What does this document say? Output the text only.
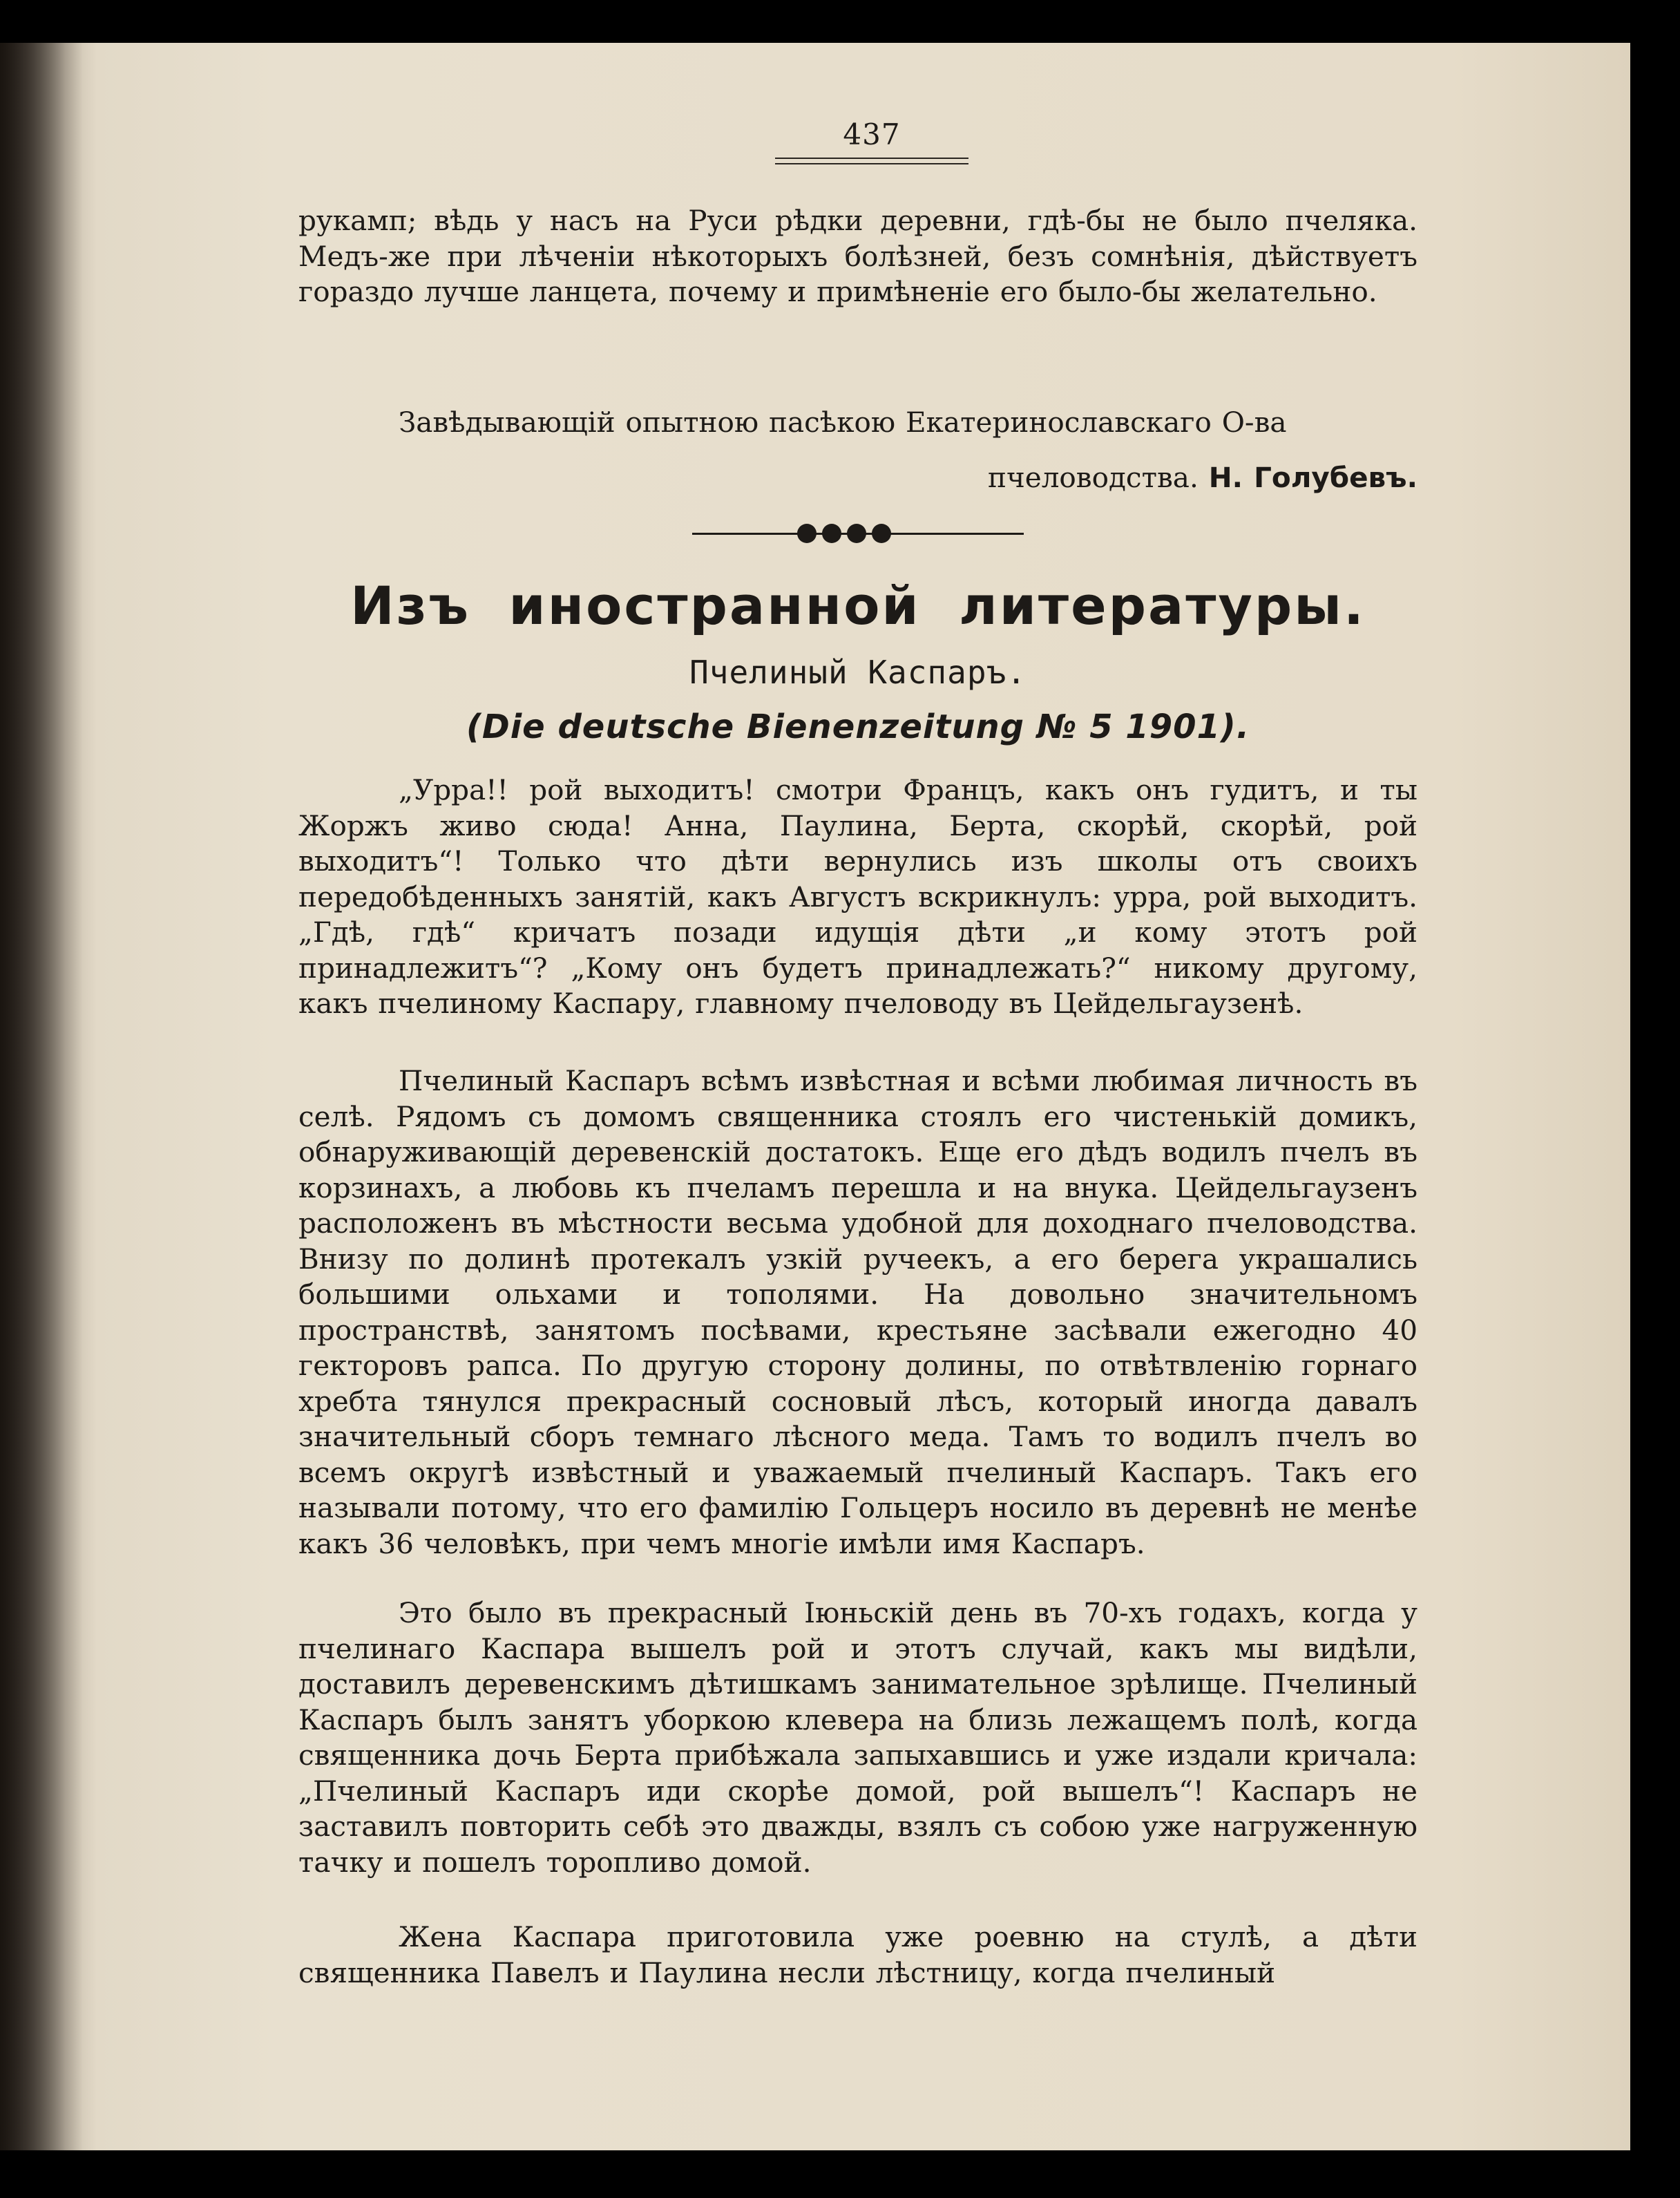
437
рукамп; вѣдь у насъ на Руси рѣдки деревни, гдѣ-бы не было пчеляка. Медъ-же при лѣченіи нѣкоторыхъ болѣзней, безъ сомнѣнія, дѣйствуетъ гораздо лучше ланцета, почему и примѣненіе его было-бы желательно.
Завѣдывающій опытною пасѣкою Екатеринославскаго О-ва
пчеловодства. Н. Голубевъ.
Изъ иностранной литературы.
Пчелиный Каспаръ.
(Die deutsche Bienenzeitung № 5 1901).
„Урра!! рой выходитъ! смотри Францъ, какъ онъ гудитъ, и ты Жоржъ живо сюда! Анна, Паулина, Берта, скорѣй, скорѣй, рой выходитъ“! Только что дѣти вернулись изъ школы отъ своихъ передобѣденныхъ занятій, какъ Августъ вскрикнулъ: урра, рой выходитъ. „Гдѣ, гдѣ“ кричатъ позади идущія дѣти „и кому этотъ рой принадлежитъ“? „Кому онъ будетъ принадлежать?“ никому другому, какъ пчелиному Каспару, главному пчеловоду въ Цейдельгаузенѣ.
Пчелиный Каспаръ всѣмъ извѣстная и всѣми любимая личность въ селѣ. Рядомъ съ домомъ священника стоялъ его чистенькій домикъ, обнаруживающій деревенскій достатокъ. Еще его дѣдъ водилъ пчелъ въ корзинахъ, а любовь къ пчеламъ перешла и на внука. Цейдельгаузенъ расположенъ въ мѣстности весьма удобной для доходнаго пчеловодства. Внизу по долинѣ протекалъ узкій ручеекъ, а его берега украшались большими ольхами и тополями. На довольно значительномъ пространствѣ, занятомъ посѣвами, крестьяне засѣвали ежегодно 40 гекторовъ рапса. По другую сторону долины, по отвѣтвленію горнаго хребта тянулся прекрасный сосновый лѣсъ, который иногда давалъ значительный сборъ темнаго лѣсного меда. Тамъ то водилъ пчелъ во всемъ округѣ извѣстный и уважаемый пчелиный Каспаръ. Такъ его называли потому, что его фамилію Гольцеръ носило въ деревнѣ не менѣе какъ 36 человѣкъ, при чемъ многіе имѣли имя Каспаръ.
Это было въ прекрасный Іюньскій день въ 70-хъ годахъ, когда у пчелинаго Каспара вышелъ рой и этотъ случай, какъ мы видѣли, доставилъ деревенскимъ дѣтишкамъ занимательное зрѣлище. Пчелиный Каспаръ былъ занятъ уборкою клевера на близь лежащемъ полѣ, когда священника дочь Берта прибѣжала запыхавшись и уже издали кричала: „Пчелиный Каспаръ иди скорѣе домой, рой вышелъ“! Каспаръ не заставилъ повторить себѣ это дважды, взялъ съ собою уже нагруженную тачку и пошелъ торопливо домой.
Жена Каспара приготовила уже роевню на стулѣ, а дѣти священника Павелъ и Паулина несли лѣстницу, когда пчелиный
